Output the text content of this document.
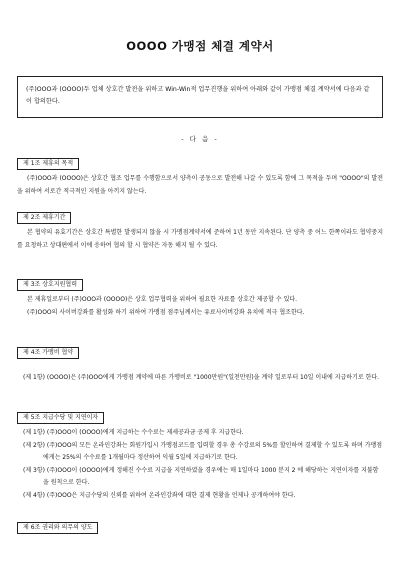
OOOO 가맹점 체결 계약서
(주)OOO과 (OOOO)두 업체 상호간 발전을 위하고 Win-Win적 업무진행을 위하여 아래와 같이 가맹점 체결 계약서에 다음과 같이 합의한다.
- 다 음 -
제 1조 제휴의 목적
(주)OOO과 (OOOO)은 상호간 협조 업무를 수행함으로서 양측이 공동으로 발전해 나갈 수 있도록 함에 그 목적을 두며 "OOOO"의 발전을 위하여 서로간 적극적인 지원을 아끼지 않는다.
제 2조 제휴기간
본 협약의 유효기간은 상호간 특별한 발생되지 않을 시 가맹점계약서에 준하여 1년 동안 지속된다. 단 양측 중 어느 한쪽이라도 협약중지를 요청하고 상대편에서 이에 응하여 협의 할 시 협약은 자동 해지 될 수 있다.
제 3조 상호지원협력
본 제휴일로부터 (주)OOO과 (OOOO)은 상호 업무협력을 위하여 필요한 자료를 상호간 제공할 수 있다.
(주)OOO의 사이버강좌를 활성화 하기 위하여 가맹점 점주님께서는 유료사이버강좌 유치에 적극 협조한다.
제 4조 가맹비 협약
(제 1항) (OOOO)은 (주)OOO에게 가맹점 계약에 따른 가맹비로 "1000만원"(일천만원)을 계약 일로부터 10일 이내에 지급하기로 한다.
제 5조 지급수당 및 지연이자
(제 1항) (주)OOO이 (OOOO)에게 지급하는 수수료는 제세공과금 공제 후 지급한다.
(제 2항) (주)OOO의 모든 온라인강좌는 회원가입시 가맹점코드를 입력할 경우 총 수강료의 5%를 할인하여 결제할 수 있도록 하며 가맹점에게는 25%의 수수료를 1개월마다 정산하여 익월 5일에 지급하기로 한다.
(제 3항) (주)OOO이 (OOOO)에게 정해진 수수료 지급을 지연하였을 경우에는 매 1일마다 1000 분지 2 에 해당하는 지연이자를 지불함을 원칙으로 한다.
(제 4항) (주)OOO은 지급수당의 신뢰를 위하여 온라인강좌에 대한 결제 현황을 언제나 공개하여야 한다.
제 6조 권리와 의무의 양도
